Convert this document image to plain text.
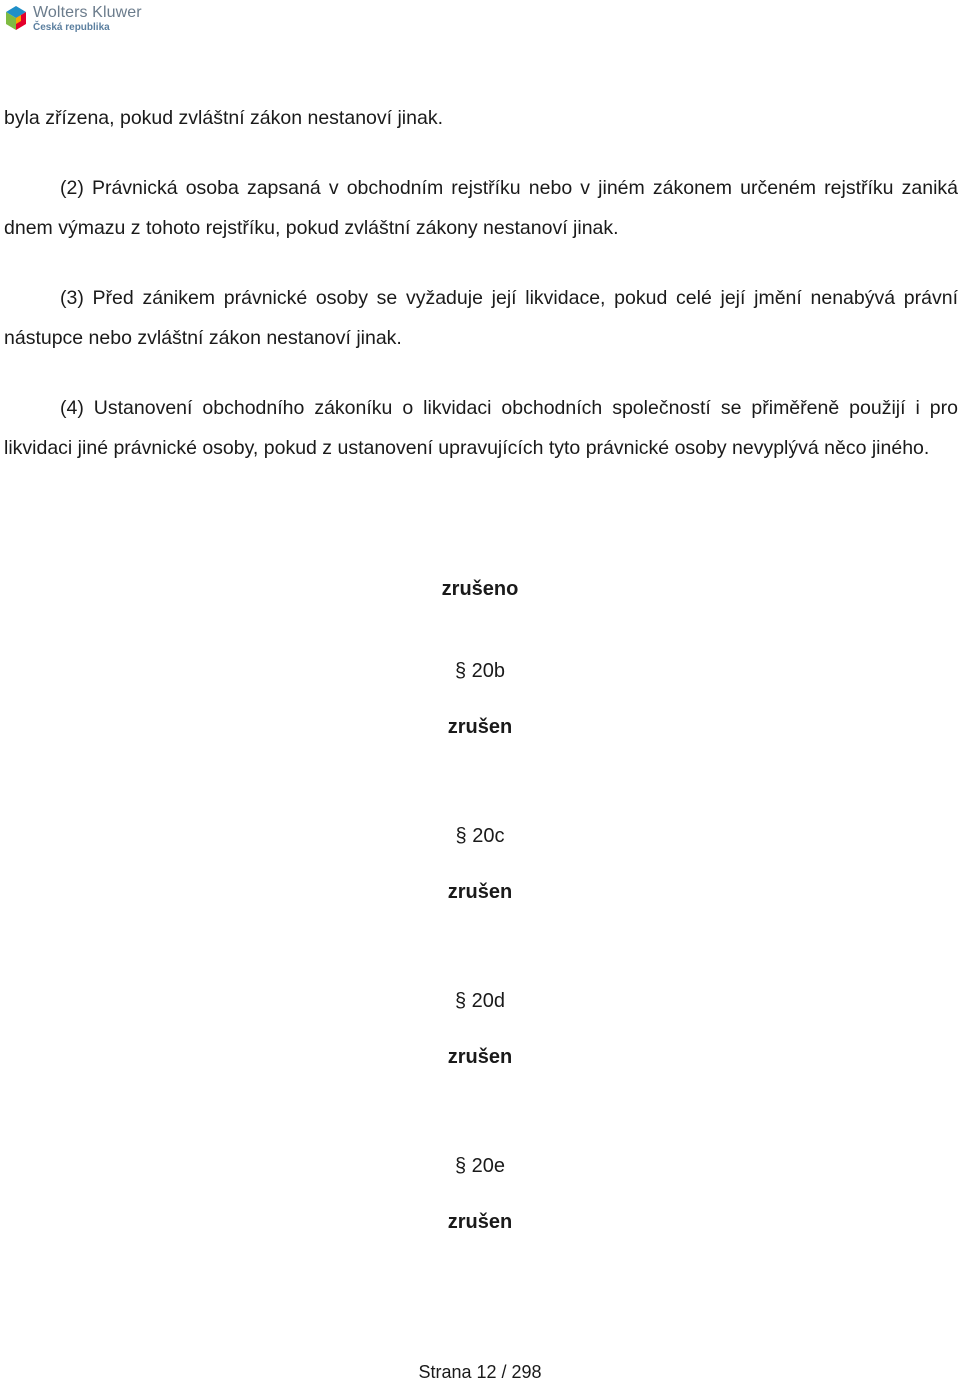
Wolters Kluwer
Česká republika

byla zřízena, pokud zvláštní zákon nestanoví jinak.

(2) Právnická osoba zapsaná v obchodním rejstříku nebo v jiném zákonem určeném rejstříku zaniká dnem výmazu z tohoto rejstříku, pokud zvláštní zákony nestanoví jinak.

(3) Před zánikem právnické osoby se vyžaduje její likvidace, pokud celé její jmění nenabývá právní nástupce nebo zvláštní zákon nestanoví jinak.

(4) Ustanovení obchodního zákoníku o likvidaci obchodních společností se přiměřeně použijí i pro likvidaci jiné právnické osoby, pokud z ustanovení upravujících tyto právnické osoby nevyplývá něco jiného.

zrušeno
§ 20b
zrušen
§ 20c
zrušen
§ 20d
zrušen
§ 20e
zrušen
Strana 12 / 298
